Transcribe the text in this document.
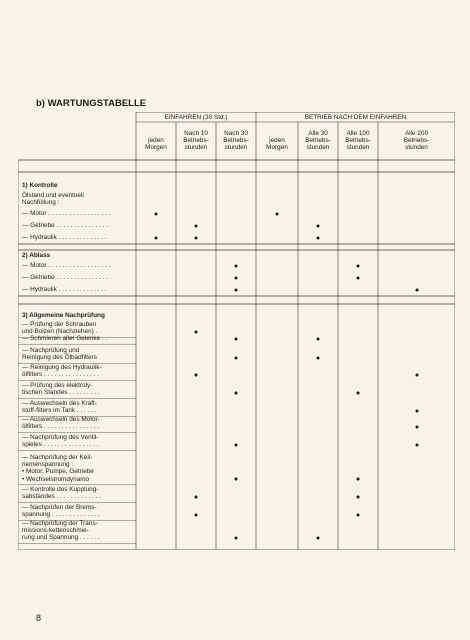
b) WARTUNGSTABELLE
EINFAHREN (30 Std.)	BETRIEB NACH DEM EINFAHREN
jeden
Morgen
Nach 10
Betriebs-
stunden
Nach 30
Betriebs-
stunden
jeden
Morgen
Alle 30
Betriebs-
stunden
Alle 100
Betriebs-
stunden
Alle 200
Betriebs-
stunden
1) Kontrolle
Ölstand und eventuell
Nachfüllung :
— Motor . . . . . . . . . . . . . . . . . .
— Getriebe . . . . . . . . . . . . . . .
— Hydraulik . . . . . . . . . . . . . .
2) Ablass
— Motor . . . . . . . . . . . . . . . . . .
— Getriebe . . . . . . . . . . . . . . .
— Hydraulik . . . . . . . . . . . . . .
3) Allgemeine Nachprüfung
— Prüfung der Schrauben
und Bolzen (Nachziehen) .
— Schmieren aller Gelenke . .
— Nachprüfung und
Reinigung des Ölbadfilters
— Reinigung des Hydraulik-
ölfilters . . . . . . . . . . . . . . . .
— Prüfung des elektroly-
tischen Standes . . . . . . . . .
— Auswechseln des Kraft-
stoff-filters im Tank . . . . . .
— Auswechseln des Motor-
ölfilters . . . . . . . . . . . . . . . .
— Nachprüfung des Ventil-
spieles . . . . . . . . . . . . . . . .
— Nachprüfung der Keil-
riemenspannung :
• Motor, Pumpe, Getriebe
• Wechselstromdynamo
— Kontrolle des Kupplung-
sabstandes . . . . . . . . . . . . .
— Nachprüfen der Brems-
spannung . . . . . . . . . . . . . .
— Nachprüfung der Trans-
missions-kettenschmie-
rung und Spannung . . . . . .
8
